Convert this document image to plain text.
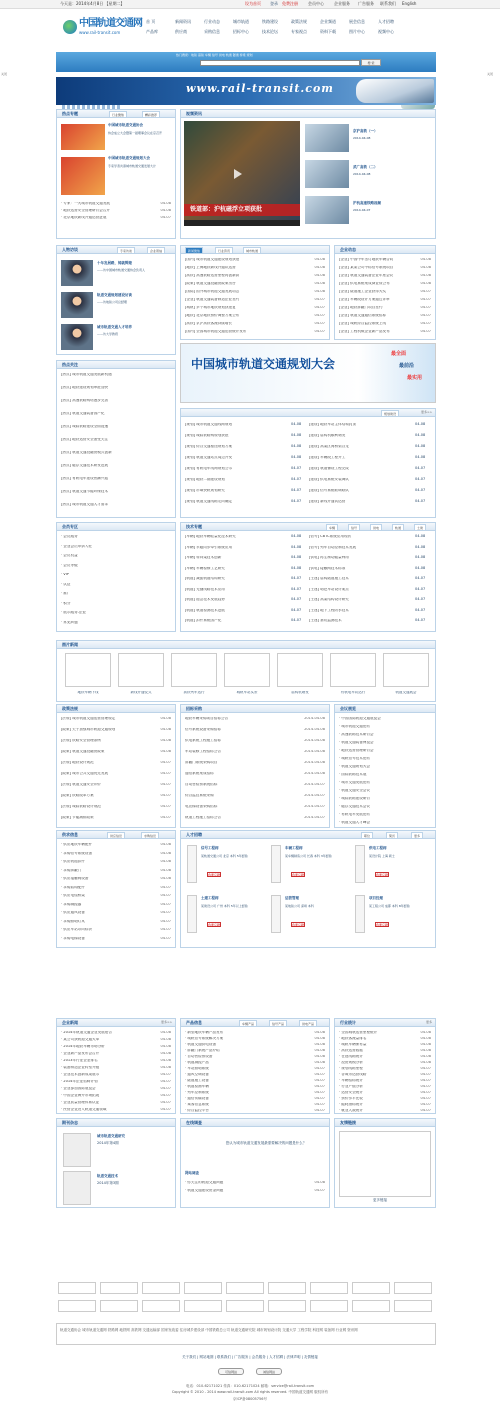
今天是：2014年4月8日 【星期二】	设为首页 登录 免费注册	会员中心	企业服务 广告服务 联系我们 English
中国轨道交通网
www.rail-transit.com
首 页	新闻资讯	行业动态	城市轨道	铁路建设	政策法规	企业频道	展会信息	人才招聘
产品库	供应商	采购信息	招标中心	技术论坛	专家视点	资料下载	图片中心	视频中心
热门搜索：地铁 高铁 车辆 信号 供电 轨道 隧道 桥梁 规划
搜 索
关闭	关闭
www.rail-transit.com
热点专题	行业聚焦	精彩推荐
中国城市轨道交通协会
协会成立大会暨第一届理事会议在京召开
中国城市轨道交通规划大会
专家学者共商城市轨道交通发展大计
· 专家：一大城市轨道交通发展	04-08
· 地铁运营安全管理研讨会召开	04-08
· 北京地铁新线开通运营进展	04-07
视频资讯
铁道部：沪杭磁浮立项获批
京沪高铁（一）
2014-04-08
武广高铁（二）
2014-04-08
沪杭高速铁路视频
2014-04-07
人物访谈	专家访谈	企业领袖
十年发展路，铸就辉煌
——访中国城市轨道交通协会负责人
轨道交通规划建设访谈
——访地铁公司总经理
城市轨道交通人才培养
——访大学教授
新闻聚焦	行业资讯	城市轨道
[国内] 城市轨道交通建设规划获批	04-08
[地铁] 上海地铁新线开通试运营	04-08
[高铁] 高速铁路运营里程再创新高	04-08
[政策] 轨道交通投融资政策出台	04-08
[国际] 国外城市轨道交通发展动态	04-08
[企业] 轨道交通装备制造企业签约	04-07
[城轨] 多个城市地铁规划获批复	04-07
[地铁] 北京地铁票价调整方案公布	04-07
[高铁] 京沪高铁客流持续增长	04-07
[国内] 全国城市轨道交通运营统计发布	04-07
企业动态
[企业] 中国中车签订地铁车辆合同	04-08
[企业] 某某公司中标信号系统项目	04-08
[企业] 轨道交通装备企业年度会议	04-08
[企业] 供电系统集成商业绩公布	04-08
[企业] 隧道施工企业获得大奖	04-07
[企业] 车辆段设计方案通过评审	04-07
[企业] 地铁屏蔽门项目签约	04-07
[企业] 轨道交通通信系统招标	04-07
[企业] 城轨综合监控系统上线	04-07
[企业] 工程机械企业新产品发布	04-07
热点关注
[热点] 城市轨道交通发展新机遇
[热点] 地铁建设规划审批加快
[热点] 高速铁路网络逐步完善
[热点] 轨道交通装备国产化
[热点] 城际铁路建设全面提速
[热点] 地铁运营安全备受关注
[热点] 轨道交通投融资模式创新
[热点] 磁浮交通技术研发进展
[热点] 有轨电车建设热潮兴起
[热点] 轨道交通节能环保技术
[热点] 城市轨道交通人才需求
中国城市轨道交通规划大会
最全面
最前沿
最实用
规划建设	更多>>
[规划] 城市轨道交通线网规划	04-08 [建设] 地铁车站主体结构封顶	04-08
[规划] 城际铁路网规划获批	04-08 [建设] 盾构机顺利始发	04-08
[规划] 综合交通枢纽规划方案	04-08 [建设] 高架区间桥梁合龙	04-08
[规划] 轨道交通站点周边开发	04-08 [建设] 车辆段工程开工	04-08
[规划] 有轨电车线网规划公示	04-07 [建设] 轨道铺设工程完成	04-07
[规划] 地铁二期建设规划	04-07 [建设] 供电系统安装调试	04-07
[规划] 市域快轨规划研究	04-07 [建设] 信号系统联调联试	04-07
[规划] 轨道交通线路走向确定	04-07 [建设] 新线开通试运营	04-07
会员专区
· 会员服务
· 企业会员申请入驻
· 会员权益
· 会员等级
· VIP
· 认证
· 推广
· 积分
· 展示服务-企业
· 常见问题
技术专题	车辆	信号	供电	轨道	土建
[车辆] 地铁车辆轻量化技术研究	04-08 [信号] CBTC系统应用现状	04-08
[车辆] 永磁同步牵引系统应用	04-08 [信号] 列车自动控制技术发展	04-08
[车辆] 转向架技术创新	04-08 [供电] 再生制动能量利用	04-08
[车辆] 车辆检修工艺研究	04-08 [供电] 接触网技术标准	04-08
[轨道] 减振轨道结构研究	04-07 [土建] 盾构隧道施工技术	04-07
[轨道] 无缝线路技术应用	04-07 [土建] 明挖车站设计要点	04-07
[轨道] 道岔技术发展趋势	04-07 [土建] 高架结构设计研究	04-07
[轨道] 轨道检测技术进展	04-07 [土建] 地下工程防水技术	04-07
[轨道] 扣件系统国产化	04-07 [土建] 基坑监测技术	04-07
图片新闻
地铁车辆下线	新线开通仪式	高铁列车运行	城轨车站实景	盾构机始发	有轨电车试运行	轨道交通展会
政策法规
[法规] 城市轨道交通运营管理规定	04-08
[政策] 关于加强城市轨道交通规划	04-08
[法规] 铁路安全管理条例	04-08
[政策] 轨道交通投融资政策	04-08
[法规] 地铁设计规范	04-07
[政策] 城市公共交通优先发展	04-07
[法规] 轨道交通安全评价	04-07
[政策] 铁路改革方案	04-07
[法规] 城际铁路设计规范	04-07
[政策] 节能减排政策	04-07
招标采购
地铁车辆采购项目招标公告	2014-04-08
信号系统设备采购招标	2014-04-08
供电系统工程施工招标	2014-04-08
车站装修工程招标公告	2014-04-08
屏蔽门系统采购项目	2014-04-08
通信系统集成招标	2014-04-08
自动售检票系统招标	2014-04-07
综合监控系统采购	2014-04-07
电扶梯设备采购招标	2014-04-07
轨道工程施工招标公告	2014-04-07
会议展览
· 中国国际轨道交通展览会
· 城市轨道交通论坛
· 高速铁路技术研讨会
· 轨道交通装备博览会
· 地铁运营管理研讨会
· 城轨信号技术论坛
· 轨道交通规划大会
· 国际铁路技术展
· 城市交通发展论坛
· 轨道交通安全会议
· 城际铁路建设研讨
· 磁浮交通技术会议
· 有轨电车发展论坛
· 轨道交通人才峰会
供求信息	供应信息	求购信息
· 供应地铁车辆配件	04-08
· 求购信号系统设备	04-08
· 供应轨道扣件	04-08
· 求购屏蔽门	04-08
· 供应接触网设备	04-08
· 求购盾构配件	04-07
· 供应电缆桥架	04-07
· 求购减振器	04-07
· 供应通风设备	04-07
· 求购照明灯具	04-07
· 供应车站导向标识	04-07
· 求购电梯设备	04-07
人才招聘	职位	简历	更多
信号工程师
某轨道交通公司 北京 本科 5年经验
我要应聘
车辆工程师
某车辆制造公司 长春 本科 3年经验
我要应聘
供电工程师
某设计院 上海 硕士
我要应聘
土建工程师
某建设公司 广州 本科 5年以上经验
我要应聘
运营管理
某地铁公司 深圳 本科
我要应聘
项目经理
某工程公司 成都 本科 8年经验
我要应聘
企业新闻	更多>>
· 2014年轨道交通企业发展报告	04-08
· 某公司获轨道交通大单	04-08
· 2014年地铁车辆市场分析	04-08
· 企业新产品发布会召开	04-08
· 2013年行业企业排名	04-08
· 装备制造企业转型升级	04-08
· 企业技术创新成果展示	04-07
· 2014年企业招聘计划	04-07
· 企业参加国际展览会	04-07
· 中国企业海外市场拓展	04-07
· 企业质量管理体系认证	04-07
· 民营企业进入轨道交通领域	04-07
产品信息	车辆产品	信号产品	供电产品
· 新型地铁车辆产品发布	04-08
· 城轨信号系统解决方案	04-08
· 轨道交通供电设备	04-08
· 屏蔽门系统产品介绍	04-08
· 自动售检票设备	04-08
· 轨道减振产品	04-08
· 车站照明系统	04-07
· 通风空调设备	04-07
· 隧道施工设备	04-07
· 轨道检测车辆	04-07
· 列车控制系统	04-07
· 通信传输设备	04-07
· 乘客信息系统	04-07
· 综合监控平台	04-07
行业统计	更多
· 全国城轨运营里程统计	04-08
· 地铁客流量排名	04-08
· 城轨车辆保有量	04-08
· 高铁运营数据	04-08
· 在建线路统计	04-08
· 投资规模分析	04-08
· 规划线路里程	04-07
· 各城市运营线路	04-07
· 车辆招标统计	04-07
· 行业产值分析	04-07
· 运营安全统计	04-07
· 票价水平比较	04-07
· 能耗指标统计	04-07
· 就业人数统计	04-07
期刊杂志
城市轨道交通研究
2014年第4期
轨道交通技术
2014年第3期
在线调查
您认为城市轨道交通发展最需要解决的问题是什么？
网站调查
· 你关注的轨道交通问题	04-08
· 轨道交通建设资金问题	04-07
友情链接
更多链接
轨道交通协会 城市轨道交通网 铁路网 地铁网 高铁网 交通运输部 国家发改委 住房城乡建设部 中国铁路总公司 轨道交通研究院 城市规划设计院 交通大学 工程学院 科技网 装备网 行业网 资讯网
关于我们 | 网站地图 | 联系我们 | 广告服务 | 会员服务 | 人才招聘 | 法律声明 | 友情链接
电话：010-62171021 传真：010-62171024 邮箱：service@rail-transit.com
Copyright © 2010 - 2014 www.rail-transit.com All rights reserved. 中国轨道交通网 版权所有
京ICP备08005756号
可信网站	诚信网站
